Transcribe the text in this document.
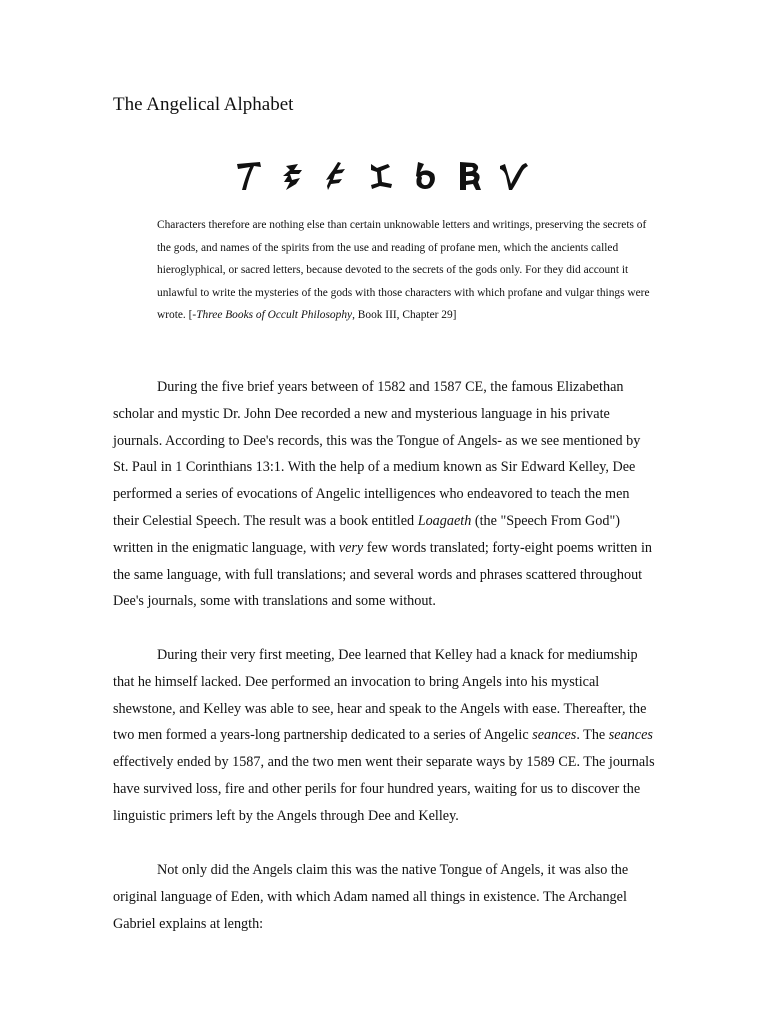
The Angelical Alphabet

Characters therefore are nothing else than certain unknowable letters and writings, preserving the secrets of the gods, and names of the spirits from the use and reading of profane men, which the ancients called hieroglyphical, or sacred letters, because devoted to the secrets of the gods only. For they did account it unlawful to write the mysteries of the gods with those characters with which profane and vulgar things were wrote. [-Three Books of Occult Philosophy, Book III, Chapter 29]

During the five brief years between of 1582 and 1587 CE, the famous Elizabethan scholar and mystic Dr. John Dee recorded a new and mysterious language in his private journals. According to Dee's records, this was the Tongue of Angels- as we see mentioned by St. Paul in 1 Corinthians 13:1. With the help of a medium known as Sir Edward Kelley, Dee performed a series of evocations of Angelic intelligences who endeavored to teach the men their Celestial Speech. The result was a book entitled Loagaeth (the "Speech From God") written in the enigmatic language, with very few words translated; forty-eight poems written in the same language, with full translations; and several words and phrases scattered throughout Dee's journals, some with translations and some without.

During their very first meeting, Dee learned that Kelley had a knack for mediumship that he himself lacked. Dee performed an invocation to bring Angels into his mystical shewstone, and Kelley was able to see, hear and speak to the Angels with ease. Thereafter, the two men formed a years-long partnership dedicated to a series of Angelic seances. The seances effectively ended by 1587, and the two men went their separate ways by 1589 CE. The journals have survived loss, fire and other perils for four hundred years, waiting for us to discover the linguistic primers left by the Angels through Dee and Kelley.

Not only did the Angels claim this was the native Tongue of Angels, it was also the original language of Eden, with which Adam named all things in existence. The Archangel Gabriel explains at length:
